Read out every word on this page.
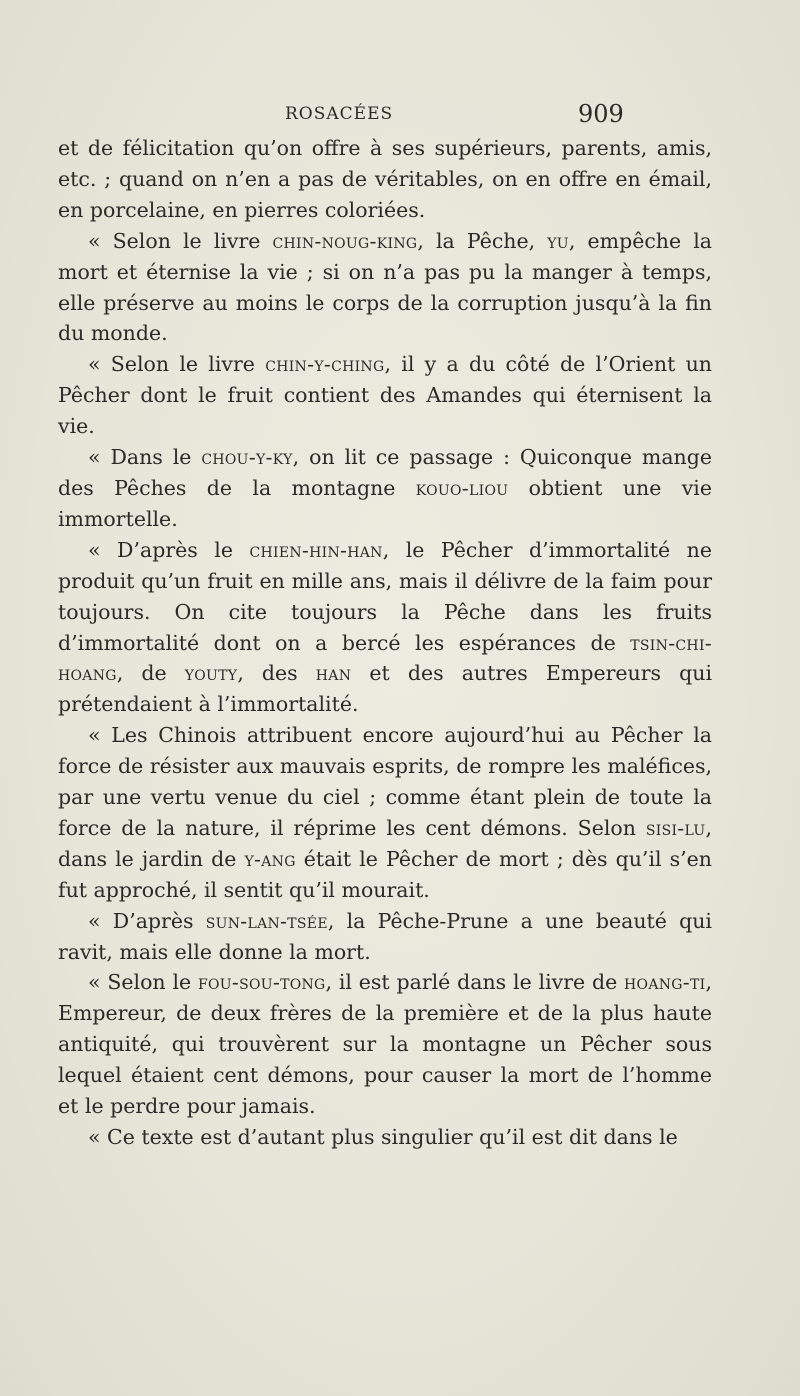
ROSACÉES	909

et de félicitation qu’on offre à ses supérieurs, parents, amis, etc. ; quand on n’en a pas de véritables, on en offre en émail, en porcelaine, en pierres coloriées.

« Selon le livre chin-noug-king, la Pêche, yu, empêche la mort et éternise la vie ; si on n’a pas pu la manger à temps, elle préserve au moins le corps de la corruption jusqu’à la fin du monde.

« Selon le livre chin-y-ching, il y a du côté de l’Orient un Pêcher dont le fruit contient des Amandes qui éternisent la vie.

« Dans le chou-y-ky, on lit ce passage : Quiconque mange des Pêches de la montagne kouo-liou obtient une vie immortelle.

« D’après le chien-hin-han, le Pêcher d’immortalité ne produit qu’un fruit en mille ans, mais il délivre de la faim pour toujours. On cite toujours la Pêche dans les fruits d’immortalité dont on a bercé les espérances de tsin-chi-hoang, de youty, des han et des autres Empereurs qui prétendaient à l’immortalité.

« Les Chinois attribuent encore aujourd’hui au Pêcher la force de résister aux mauvais esprits, de rompre les maléfices, par une vertu venue du ciel ; comme étant plein de toute la force de la nature, il réprime les cent démons. Selon sisi-lu, dans le jardin de y-ang était le Pêcher de mort ; dès qu’il s’en fut approché, il sentit qu’il mourait.

« D’après sun-lan-tsée, la Pêche-Prune a une beauté qui ravit, mais elle donne la mort.

« Selon le fou-sou-tong, il est parlé dans le livre de hoang-ti, Empereur, de deux frères de la première et de la plus haute antiquité, qui trouvèrent sur la montagne un Pêcher sous lequel étaient cent démons, pour causer la mort de l’homme et le perdre pour jamais.

« Ce texte est d’autant plus singulier qu’il est dit dans le
